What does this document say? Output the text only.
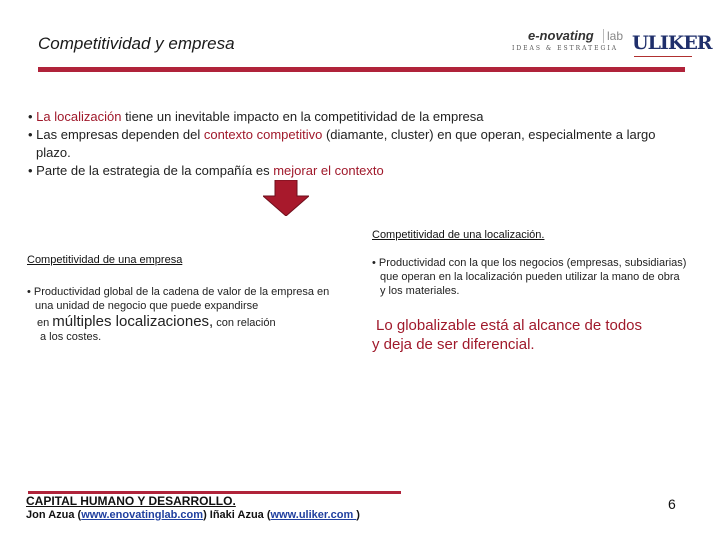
Competitividad y empresa	e-novating	lab
IDEAS & ESTRATEGIA ULIKER

• La localización tiene un inevitable impacto en la competitividad de la empresa

• Las empresas dependen del contexto competitivo (diamante, cluster) en que operan, especialmente a largo
plazo.

• Parte de la estrategia de la compañía es mejorar el contexto

Competitividad de una localización.
Competitividad de una empresa	• Productividad con la que los negocios (empresas, subsidiarias)
que operan en la localización pueden utilizar la mano de obra
y los materiales.
• Productividad global de la cadena de valor de la empresa en
una unidad de negocio que puede expandirse
en múltiples localizaciones, con relación
a los costes.
Lo globalizable está al alcance de todos
y deja de ser diferencial.
CAPITAL HUMANO Y DESARROLLO.
Jon Azua (www.enovatinglab.com) Iñaki Azua (www.uliker.com )
6
